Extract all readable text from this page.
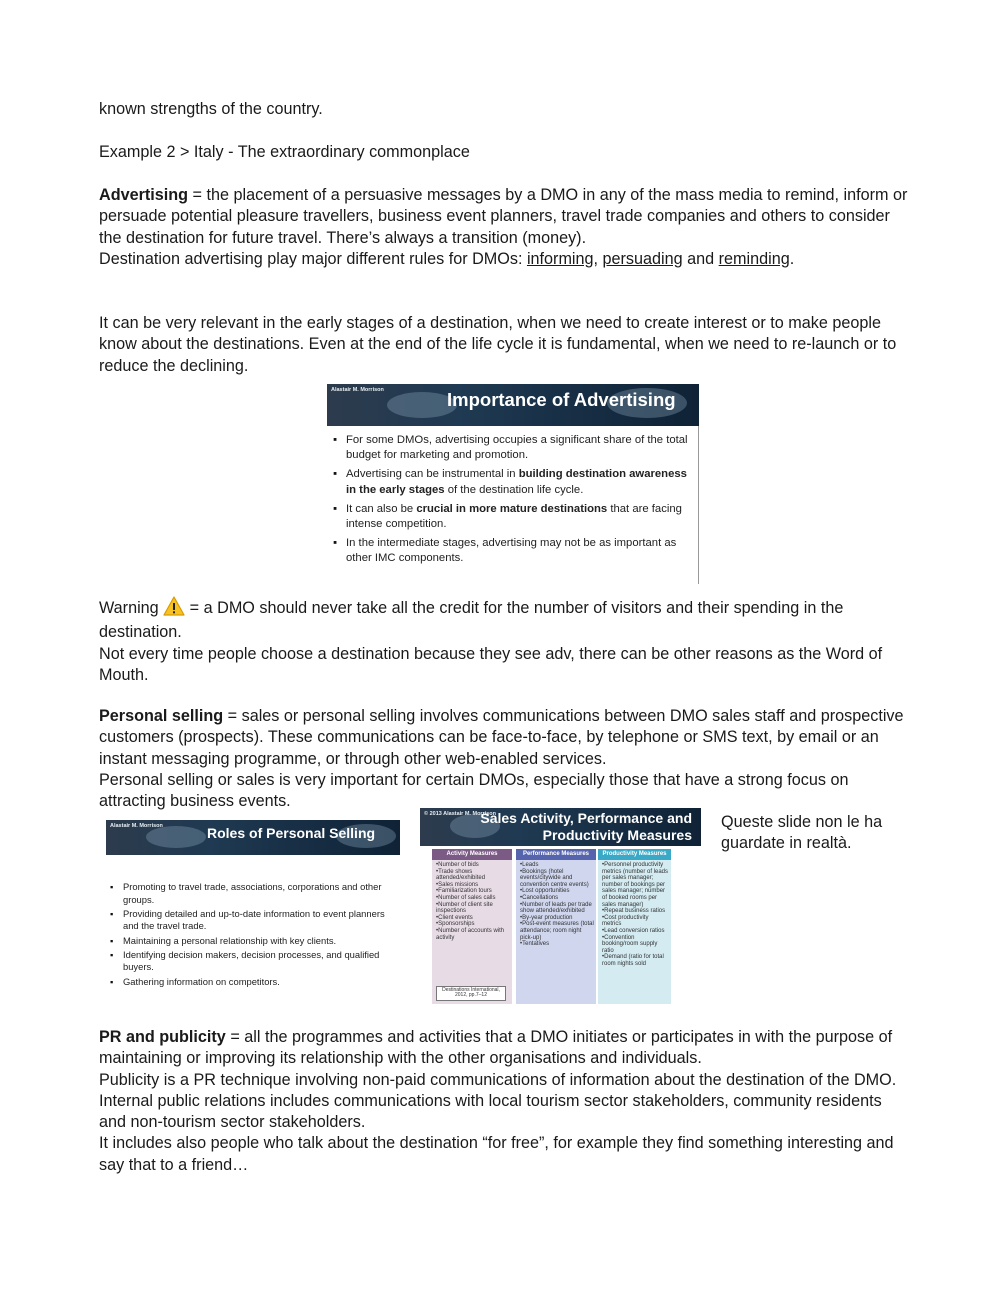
known strengths of the country.

Example 2 > Italy - The extraordinary commonplace

Advertising = the placement of a persuasive messages by a DMO in any of the mass media to remind, inform or persuade potential pleasure travellers, business event planners, travel trade companies and others to consider the destination for future travel. There’s always a transition (money).
Destination advertising play major different rules for DMOs: informing, persuading and reminding.

It can be very relevant in the early stages of a destination, when we need to create interest or to make people know about the destinations. Even at the end of the life cycle it is fundamental, when we need to re-launch or to reduce the declining.

Alastair M. Morrison	Importance of Advertising
▪ For some DMOs, advertising occupies a significant share of the total budget for marketing and promotion.
▪ Advertising can be instrumental in building destination awareness in the early stages of the destination life cycle.
▪ It can also be crucial in more mature destinations that are facing intense competition.
▪ In the intermediate stages, advertising may not be as important as other IMC components.

Warning  = a DMO should never take all the credit for the number of visitors and their spending in the destination.
Not every time people choose a destination because they see adv, there can be other reasons as the Word of Mouth.

Personal selling = sales or personal selling involves communications between DMO sales staff and prospective customers (prospects). These communications can be face-to-face, by telephone or SMS text, by email or an instant messaging programme, or through other web-enabled services.
Personal selling or sales is very important for certain DMOs, especially those that have a strong focus on attracting business events.

Alastair M. Morrison	Roles of Personal Selling
▪ Promoting to travel trade, associations, corporations and other groups.
▪ Providing detailed and up-to-date information to event planners and the travel trade.
▪ Maintaining a personal relationship with key clients.
▪ Identifying decision makers, decision processes, and qualified buyers.
▪ Gathering information on competitors.
© 2013 Alastair M. Morrison
Sales Activity, Performance and Productivity Measures
Activity Measures
• Number of bids
• Trade shows attended/exhibited
• Sales missions
• Familiarization tours
• Number of sales calls
• Number of client site inspections
• Client events
• Sponsorships
• Number of accounts with activity
Destinations International, 2012, pp.7–12
Performance Measures
• Leads
• Bookings (hotel events/citywide and convention centre events)
• Lost opportunities
• Cancellations
• Number of leads per trade show attended/exhibited
• By-year production
• Post-event measures (total attendance; room night pick-up)
• Tentatives
Productivity Measures
• Personnel productivity metrics (number of leads per sales manager; number of bookings per sales manager; number of booked rooms per sales manager)
• Repeat business ratios
• Cost productivity metrics
• Lead conversion ratios
• Convention booking/room supply ratio
• Demand (ratio for total room nights sold
Queste slide non le ha guardate in realtà.

PR and publicity = all the programmes and activities that a DMO initiates or participates in with the purpose of maintaining or improving its relationship with the other organisations and individuals.
Publicity is a PR technique involving non-paid communications of information about the destination of the DMO.
Internal public relations includes communications with local tourism sector stakeholders, community residents and non-tourism sector stakeholders.
It includes also people who talk about the destination “for free”, for example they find something interesting and say that to a friend…
